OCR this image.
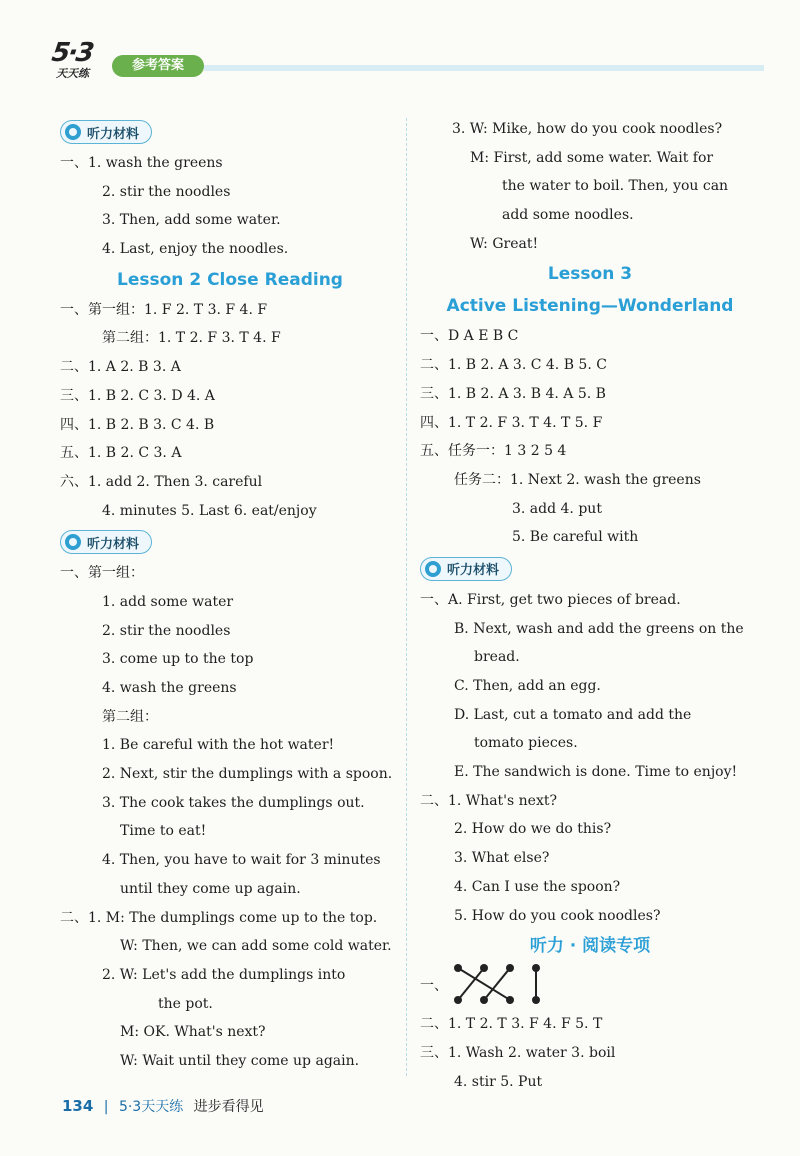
5·3
天天练
参考答案
听力材料
一、1. wash the greens
2. stir the noodles
3. Then, add some water.
4. Last, enjoy the noodles.
Lesson 2 Close Reading
一、第一组：1. F 2. T 3. F 4. F
第二组：1. T 2. F 3. T 4. F
二、1. A 2. B 3. A
三、1. B 2. C 3. D 4. A
四、1. B 2. B 3. C 4. B
五、1. B 2. C 3. A
六、1. add 2. Then 3. careful
4. minutes 5. Last 6. eat/enjoy
听力材料
一、第一组：
1. add some water
2. stir the noodles
3. come up to the top
4. wash the greens
第二组：
1. Be careful with the hot water!
2. Next, stir the dumplings with a spoon.
3. The cook takes the dumplings out.
Time to eat!
4. Then, you have to wait for 3 minutes
until they come up again.
二、1. M: The dumplings come up to the top.
W: Then, we can add some cold water.
2. W: Let's add the dumplings into
the pot.
M: OK. What's next?
W: Wait until they come up again.
3. W: Mike, how do you cook noodles?
M: First, add some water. Wait for
the water to boil. Then, you can
add some noodles.
W: Great!
Lesson 3
Active Listening—Wonderland
一、D A E B C
二、1. B 2. A 3. C 4. B 5. C
三、1. B 2. A 3. B 4. A 5. B
四、1. T 2. F 3. T 4. T 5. F
五、任务一：1 3 2 5 4
任务二：1. Next 2. wash the greens
3. add 4. put
5. Be careful with
听力材料
一、A. First, get two pieces of bread.
B. Next, wash and add the greens on the
bread.
C. Then, add an egg.
D. Last, cut a tomato and add the
tomato pieces.
E. The sandwich is done. Time to enjoy!
二、1. What's next?
2. How do we do this?
3. What else?
4. Can I use the spoon?
5. How do you cook noodles?
听力 · 阅读专项
一、
二、1. T 2. T 3. F 4. F 5. T
三、1. Wash 2. water 3. boil
4. stir 5. Put
134 | 5·3天天练 进步看得见
